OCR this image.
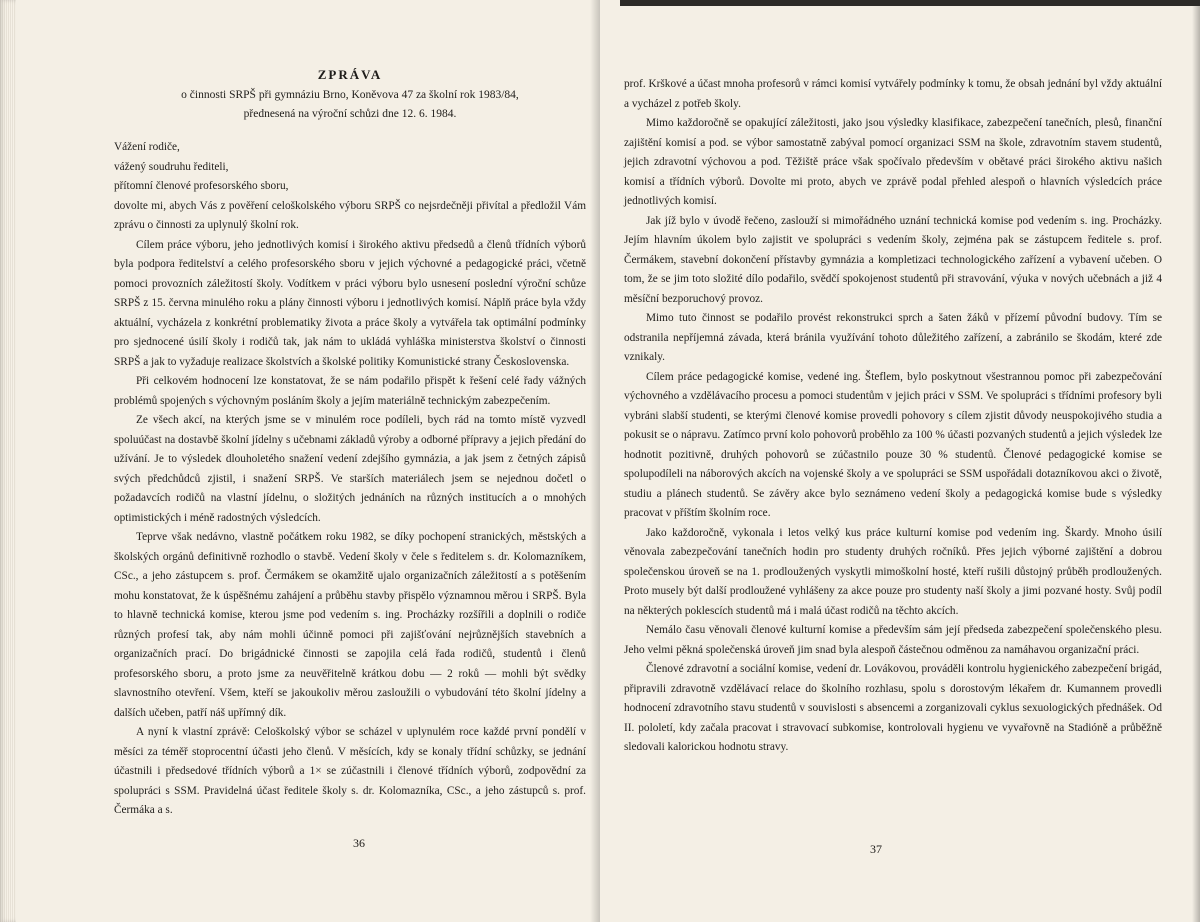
ZPRÁVA
o činnosti SRPŠ při gymnáziu Brno, Koněvova 47 za školní rok 1983/84,
přednesená na výroční schůzi dne 12. 6. 1984.

Vážení rodiče,

vážený soudruhu řediteli,

přítomní členové profesorského sboru,

dovolte mi, abych Vás z pověření celoškolského výboru SRPŠ co nejsrdečněji přivítal a předložil Vám zprávu o činnosti za uplynulý školní rok.

Cílem práce výboru, jeho jednotlivých komisí i širokého aktivu předsedů a členů třídních výborů byla podpora ředitelství a celého profesorského sboru v jejich výchovné a pedagogické práci, včetně pomoci provozních záležitostí školy. Vodítkem v práci výboru bylo usnesení poslední výroční schůze SRPŠ z 15. června minulého roku a plány činnosti výboru i jednotlivých komisí. Náplň práce byla vždy aktuální, vycházela z konkrétní problematiky života a práce školy a vytvářela tak optimální podmínky pro sjednocené úsilí školy i rodičů tak, jak nám to ukládá vyhláška ministerstva školství o činnosti SRPŠ a jak to vyžaduje realizace školstvích a školské politiky Komunistické strany Československa.

Při celkovém hodnocení lze konstatovat, že se nám podařilo přispět k řešení celé řady vážných problémů spojených s výchovným posláním školy a jejím materiálně technickým zabezpečením.

Ze všech akcí, na kterých jsme se v minulém roce podíleli, bych rád na tomto místě vyzvedl spoluúčast na dostavbě školní jídelny s učebnami základů výroby a odborné přípravy a jejich předání do užívání. Je to výsledek dlouholetého snažení vedení zdejšího gymnázia, a jak jsem z četných zápisů svých předchůdců zjistil, i snažení SRPŠ. Ve starších materiálech jsem se nejednou dočetl o požadavcích rodičů na vlastní jídelnu, o složitých jednáních na různých institucích a o mnohých optimistických i méně radostných výsledcích.

Teprve však nedávno, vlastně počátkem roku 1982, se díky pochopení stranických, městských a školských orgánů definitivně rozhodlo o stavbě. Vedení školy v čele s ředitelem s. dr. Kolomazníkem, CSc., a jeho zástupcem s. prof. Čermákem se okamžitě ujalo organizačních záležitostí a s potěšením mohu konstatovat, že k úspěšnému zahájení a průběhu stavby přispělo významnou měrou i SRPŠ. Byla to hlavně technická komise, kterou jsme pod vedením s. ing. Procházky rozšířili a doplnili o rodiče různých profesí tak, aby nám mohli účinně pomoci při zajišťování nejrůznějších stavebních a organizačních prací. Do brigádnické činnosti se zapojila celá řada rodičů, studentů i členů profesorského sboru, a proto jsme za neuvěřitelně krátkou dobu — 2 roků — mohli být svědky slavnostního otevření. Všem, kteří se jakoukoliv měrou zasloužili o vybudování této školní jídelny a dalších učeben, patří náš upřímný dík.

A nyní k vlastní zprávě: Celoškolský výbor se scházel v uplynulém roce každé první pondělí v měsíci za téměř stoprocentní účasti jeho členů. V měsících, kdy se konaly třídní schůzky, se jednání účastnili i předsedové třídních výborů a 1× se zúčastnili i členové třídních výborů, zodpovědní za spolupráci s SSM. Pravidelná účast ředitele školy s. dr. Kolomazníka, CSc., a jeho zástupců s. prof. Čermáka a s.

36

prof. Krškové a účast mnoha profesorů v rámci komisí vytvářely podmínky k tomu, že obsah jednání byl vždy aktuální a vycházel z potřeb školy.

Mimo každoročně se opakující záležitosti, jako jsou výsledky klasifikace, zabezpečení tanečních, plesů, finanční zajištění komisí a pod. se výbor samostatně zabýval pomocí organizaci SSM na škole, zdravotním stavem studentů, jejich zdravotní výchovou a pod. Těžiště práce však spočívalo především v obětavé práci širokého aktivu našich komisí a třídních výborů. Dovolte mi proto, abych ve zprávě podal přehled alespoň o hlavních výsledcích práce jednotlivých komisí.

Jak jíž bylo v úvodě řečeno, zaslouží si mimořádného uznání technická komise pod vedením s. ing. Procházky. Jejím hlavním úkolem bylo zajistit ve spolupráci s vedením školy, zejména pak se zástupcem ředitele s. prof. Čermákem, stavební dokončení přístavby gymnázia a kompletizaci technologického zařízení a vybavení učeben. O tom, že se jim toto složité dílo podařilo, svědčí spokojenost studentů při stravování, výuka v nových učebnách a již 4 měsíční bezporuchový provoz.

Mimo tuto činnost se podařilo provést rekonstrukci sprch a šaten žáků v přízemí původní budovy. Tím se odstranila nepříjemná závada, která bránila využívání tohoto důležitého zařízení, a zabránilo se škodám, které zde vznikaly.

Cílem práce pedagogické komise, vedené ing. Šteflem, bylo poskytnout všestrannou pomoc při zabezpečování výchovného a vzdělávacího procesu a pomoci studentům v jejich práci v SSM. Ve spolupráci s třídními profesory byli vybráni slabší studenti, se kterými členové komise provedli pohovory s cílem zjistit důvody neuspokojivého studia a pokusit se o nápravu. Zatímco první kolo pohovorů proběhlo za 100 % účasti pozvaných studentů a jejich výsledek lze hodnotit pozitivně, druhých pohovorů se zúčastnilo pouze 30 % studentů. Členové pedagogické komise se spolupodíleli na náborových akcích na vojenské školy a ve spolupráci se SSM uspořádali dotazníkovou akci o životě, studiu a plánech studentů. Se závěry akce bylo seznámeno vedení školy a pedagogická komise bude s výsledky pracovat v příštím školním roce.

Jako každoročně, vykonala i letos velký kus práce kulturní komise pod vedením ing. Škardy. Mnoho úsilí věnovala zabezpečování tanečních hodin pro studenty druhých ročníků. Přes jejich výborné zajištění a dobrou společenskou úroveň se na 1. prodloužených vyskytli mimoškolní hosté, kteří rušili důstojný průběh prodloužených. Proto musely být další prodloužené vyhlášeny za akce pouze pro studenty naší školy a jimi pozvané hosty. Svůj podíl na některých poklescích studentů má i malá účast rodičů na těchto akcích.

Nemálo času věnovali členové kulturní komise a především sám její předseda zabezpečení společenského plesu. Jeho velmi pěkná společenská úroveň jim snad byla alespoň částečnou odměnou za namáhavou organizační práci.

Členové zdravotní a sociální komise, vedení dr. Lovákovou, prováděli kontrolu hygienického zabezpečení brigád, připravili zdravotně vzdělávací relace do školního rozhlasu, spolu s dorostovým lékařem dr. Kumannem provedli hodnocení zdravotního stavu studentů v souvislosti s absencemi a zorganizovali cyklus sexuologických přednášek. Od II. pololetí, kdy začala pracovat i stravovací subkomise, kontrolovali hygienu ve vyvařovně na Stadióně a průběžně sledovali kalorickou hodnotu stravy.

37
